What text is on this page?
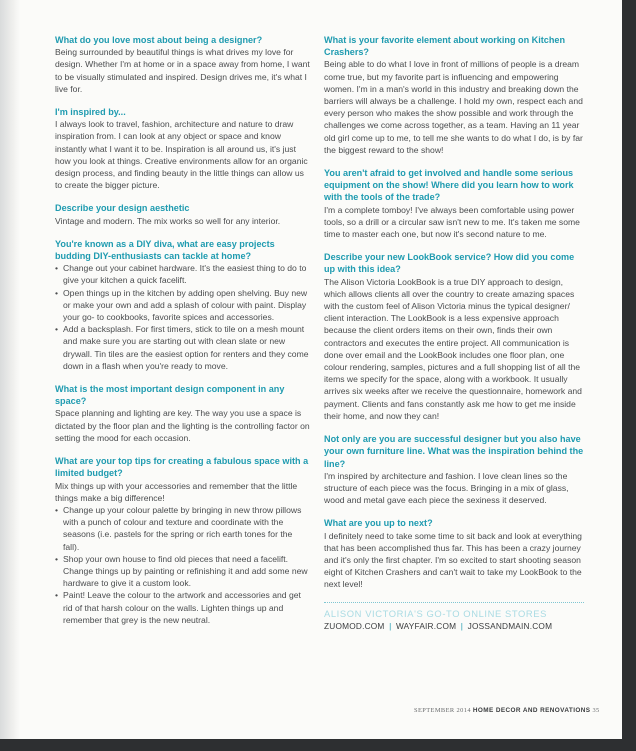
What do you love most about being a designer?

Being surrounded by beautiful things is what drives my love for design. Whether I'm at home or in a space away from home, I want to be visually stimulated and inspired. Design drives me, it's what I live for.

I'm inspired by...

I always look to travel, fashion, architecture and nature to draw inspiration from. I can look at any object or space and know instantly what I want it to be. Inspiration is all around us, it's just how you look at things. Creative environments allow for an organic design process, and finding beauty in the little things can allow us to create the bigger picture.

Describe your design aesthetic

Vintage and modern. The mix works so well for any interior.

You're known as a DIY diva, what are easy projects budding DIY-enthusiasts can tackle at home?

• Change out your cabinet hardware. It's the easiest thing to do to give your kitchen a quick facelift.
• Open things up in the kitchen by adding open shelving. Buy new or make your own and add a splash of colour with paint. Display your go- to cookbooks, favorite spices and accessories.
• Add a backsplash. For first timers, stick to tile on a mesh mount and make sure you are starting out with clean slate or new drywall. Tin tiles are the easiest option for renters and they come down in a flash when you're ready to move.

What is the most important design component in any space?

Space planning and lighting are key. The way you use a space is dictated by the floor plan and the lighting is the controlling factor on setting the mood for each occasion.

What are your top tips for creating a fabulous space with a limited budget?

Mix things up with your accessories and remember that the little things make a big difference!

• Change up your colour palette by bringing in new throw pillows with a punch of colour and texture and coordinate with the seasons (i.e. pastels for the spring or rich earth tones for the fall).
• Shop your own house to find old pieces that need a facelift. Change things up by painting or refinishing it and add some new hardware to give it a custom look.
• Paint! Leave the colour to the artwork and accessories and get rid of that harsh colour on the walls. Lighten things up and remember that grey is the new neutral.

What is your favorite element about working on Kitchen Crashers?

Being able to do what I love in front of millions of people is a dream come true, but my favorite part is influencing and empowering women. I'm in a man's world in this industry and breaking down the barriers will always be a challenge. I hold my own, respect each and every person who makes the show possible and work through the challenges we come across together, as a team. Having an 11 year old girl come up to me, to tell me she wants to do what I do, is by far the biggest reward to the show!

You aren't afraid to get involved and handle some serious equipment on the show! Where did you learn how to work with the tools of the trade?

I'm a complete tomboy! I've always been comfortable using power tools, so a drill or a circular saw isn't new to me. It's taken me some time to master each one, but now it's second nature to me.

Describe your new LookBook service? How did you come up with this idea?

The Alison Victoria LookBook is a true DIY approach to design, which allows clients all over the country to create amazing spaces with the custom feel of Alison Victoria minus the typical designer/ client interaction. The LookBook is a less expensive approach because the client orders items on their own, finds their own contractors and executes the entire project. All communication is done over email and the LookBook includes one floor plan, one colour rendering, samples, pictures and a full shopping list of all the items we specify for the space, along with a workbook. It usually arrives six weeks after we receive the questionnaire, homework and payment. Clients and fans constantly ask me how to get me inside their home, and now they can!

Not only are you are successful designer but you also have your own furniture line. What was the inspiration behind the line?

I'm inspired by architecture and fashion. I love clean lines so the structure of each piece was the focus. Bringing in a mix of glass, wood and metal gave each piece the sexiness it deserved.

What are you up to next?

I definitely need to take some time to sit back and look at everything that has been accomplished thus far. This has been a crazy journey and it's only the first chapter. I'm so excited to start shooting season eight of Kitchen Crashers and can't wait to take my LookBook to the next level!

ALISON VICTORIA'S GO-TO ONLINE STORES
ZUOMOD.COM | WAYFAIR.COM | JOSSANDMAIN.COM
SEPTEMBER 2014 HOME DECOR AND RENOVATIONS 35
